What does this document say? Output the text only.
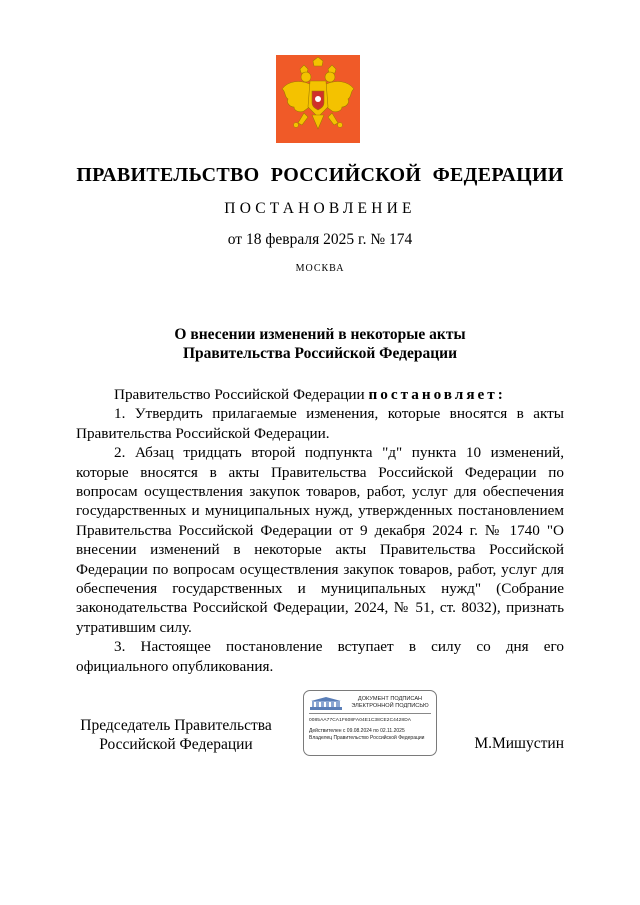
ПРАВИТЕЛЬСТВО РОССИЙСКОЙ ФЕДЕРАЦИИ
ПОСТАНОВЛЕНИЕ
от 18 февраля 2025 г. № 174
МОСКВА
О внесении изменений в некоторые акты
Правительства Российской Федерации

Правительство Российской Федерации постановляет:

1. Утвердить прилагаемые изменения, которые вносятся в акты Правительства Российской Федерации.

2. Абзац тридцать второй подпункта "д" пункта 10 изменений, которые вносятся в акты Правительства Российской Федерации по вопросам осуществления закупок товаров, работ, услуг для обеспечения государственных и муниципальных нужд, утвержденных постановлением Правительства Российской Федерации от 9 декабря 2024 г. № 1740 "О внесении изменений в некоторые акты Правительства Российской Федерации по вопросам осуществления закупок товаров, работ, услуг для обеспечения государственных и муниципальных нужд" (Собрание законодательства Российской Федерации, 2024, № 51, ст. 8032), признать утратившим силу.

3. Настоящее постановление вступает в силу со дня его официального опубликования.

Председатель Правительства
Российской Федерации
ДОКУМЕНТ ПОДПИСАН
ЭЛЕКТРОННОЙ ПОДПИСЬЮ
0085AA77CA1F608FA04E1C38CE2C4428DA
Действителен с 09.08.2024 по 02.11.2025
Владелец Правительство Российской Федерации	М.Мишустин
